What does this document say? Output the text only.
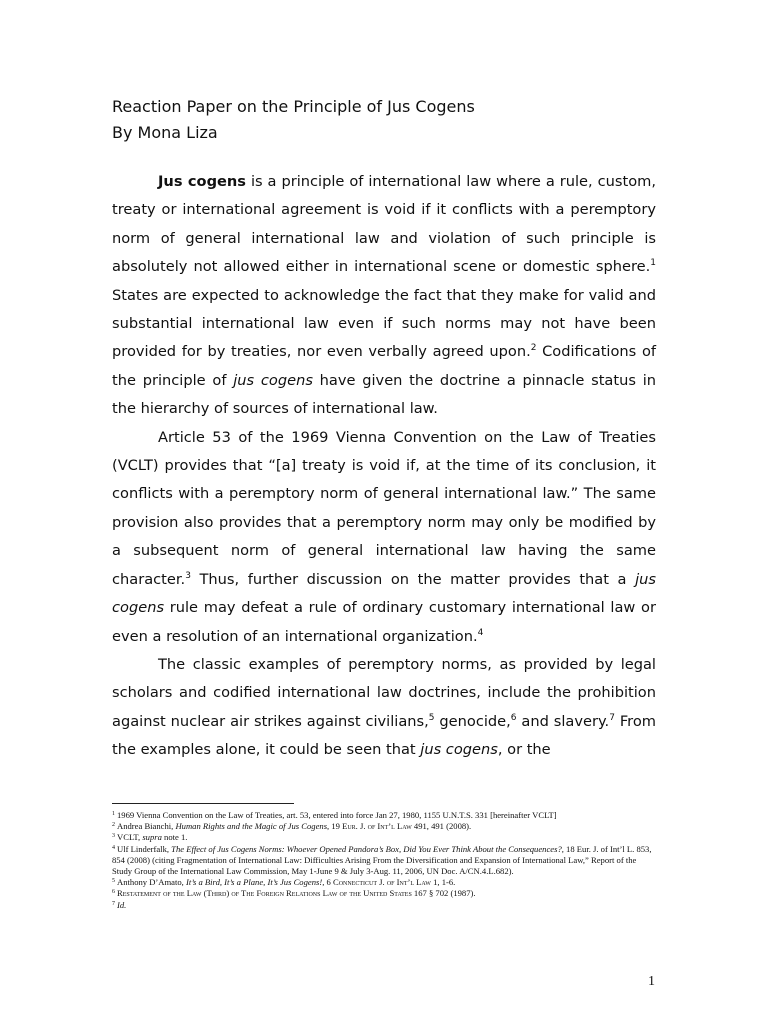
Reaction Paper on the Principle of Jus Cogens
By Mona Liza

Jus cogens is a principle of international law where a rule, custom, treaty or international agreement is void if it conflicts with a peremptory norm of general international law and violation of such principle is absolutely not allowed either in international scene or domestic sphere.$^1$ States are expected to acknowledge the fact that they make for valid and substantial international law even if such norms may not have been provided for by treaties, nor even verbally agreed upon.$^2$ Codifications of the principle of jus cogens have given the doctrine a pinnacle status in the hierarchy of sources of international law.

Article 53 of the 1969 Vienna Convention on the Law of Treaties (VCLT) provides that “[a] treaty is void if, at the time of its conclusion, it conflicts with a peremptory norm of general international law.” The same provision also provides that a peremptory norm may only be modified by a subsequent norm of general international law having the same character.$^3$ Thus, further discussion on the matter provides that a jus cogens rule may defeat a rule of ordinary customary international law or even a resolution of an international organization.$^4$

The classic examples of peremptory norms, as provided by legal scholars and codified international law doctrines, include the prohibition against nuclear air strikes against civilians,$^5$ genocide,$^6$ and slavery.$^7$ From the examples alone, it could be seen that jus cogens, or the

$^1$ 1969 Vienna Convention on the Law of Treaties, art. 53, entered into force Jan 27, 1980, 1155 U.N.T.S. 331 [hereinafter VCLT]

$^2$ Andrea Bianchi, Human Rights and the Magic of Jus Cogens, 19 Eur. J. of Int’l Law 491, 491 (2008).

$^3$ VCLT, supra note 1.

$^4$ Ulf Linderfalk, The Effect of Jus Cogens Norms: Whoever Opened Pandora’s Box, Did You Ever Think About the Consequences?, 18 Eur. J. of Int’l L. 853, 854 (2008) (citing Fragmentation of International Law: Difficulties Arising From the Diversification and Expansion of International Law,” Report of the Study Group of the International Law Commission, May 1-June 9 & July 3-Aug. 11, 2006, UN Doc. A/CN.4.L.682).

$^5$ Anthony D’Amato, It’s a Bird, It’s a Plane, It’s Jus Cogens!, 6 Connecticut J. of Int’l Law 1, 1-6.

$^6$ Restatement of the Law (Third) of The Foreign Relations Law of the United States 167 § 702 (1987).

$^7$ Id.

1
